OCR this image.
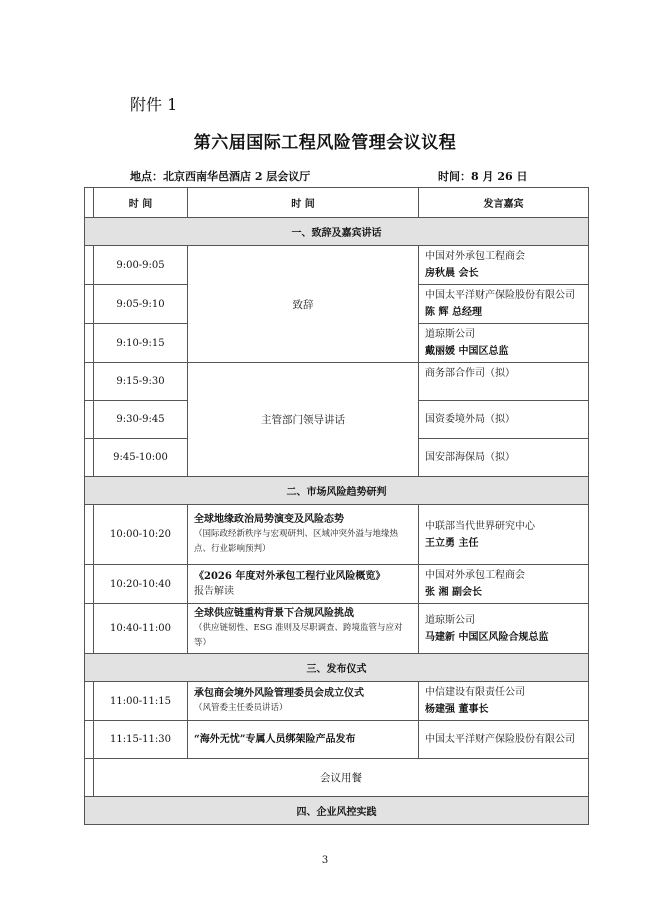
附件 1
第六届国际工程风险管理会议议程
地点：北京西南华邑酒店 2 层会议厅	时间：8 月 26 日
	时 间	时 间	发言嘉宾
一、致辞及嘉宾讲话			
	9:00-9:05	致辞	中国对外承包工程商会
房秋晨 会长

	9:05-9:10		中国太平洋财产保险股份有限公司
陈 辉 总经理

	9:10-9:15		道琼斯公司
戴丽媛 中国区总监

	9:15-9:30	主管部门领导讲话	商务部合作司（拟）

	9:30-9:45		国资委境外局（拟）

	9:45-10:00		国安部海保局（拟）

二、市场风险趋势研判			
	10:00-10:20	全球地缘政治局势演变及风险态势
（国际政经新秩序与宏观研判、区域冲突外溢与地缘热点、行业影响预判）	中联部当代世界研究中心
王立勇 主任

	10:20-10:40	《2026 年度对外承包工程行业风险概览》
报告解读	中国对外承包工程商会
张 湘 副会长

	10:40-11:00	全球供应链重构背景下合规风险挑战
（供应链韧性、ESG 准则及尽职调查、跨境监管与应对等）	道琼斯公司
马建新 中国区风险合规总监

三、发布仪式			
	11:00-11:15	承包商会境外风险管理委员会成立仪式
（风管委主任委员讲话）	中信建设有限责任公司
杨建强 董事长

	11:15-11:30	“海外无忧”专属人员绑架险产品发布	中国太平洋财产保险股份有限公司

	会议用餐		
四、企业风控实践			
3
